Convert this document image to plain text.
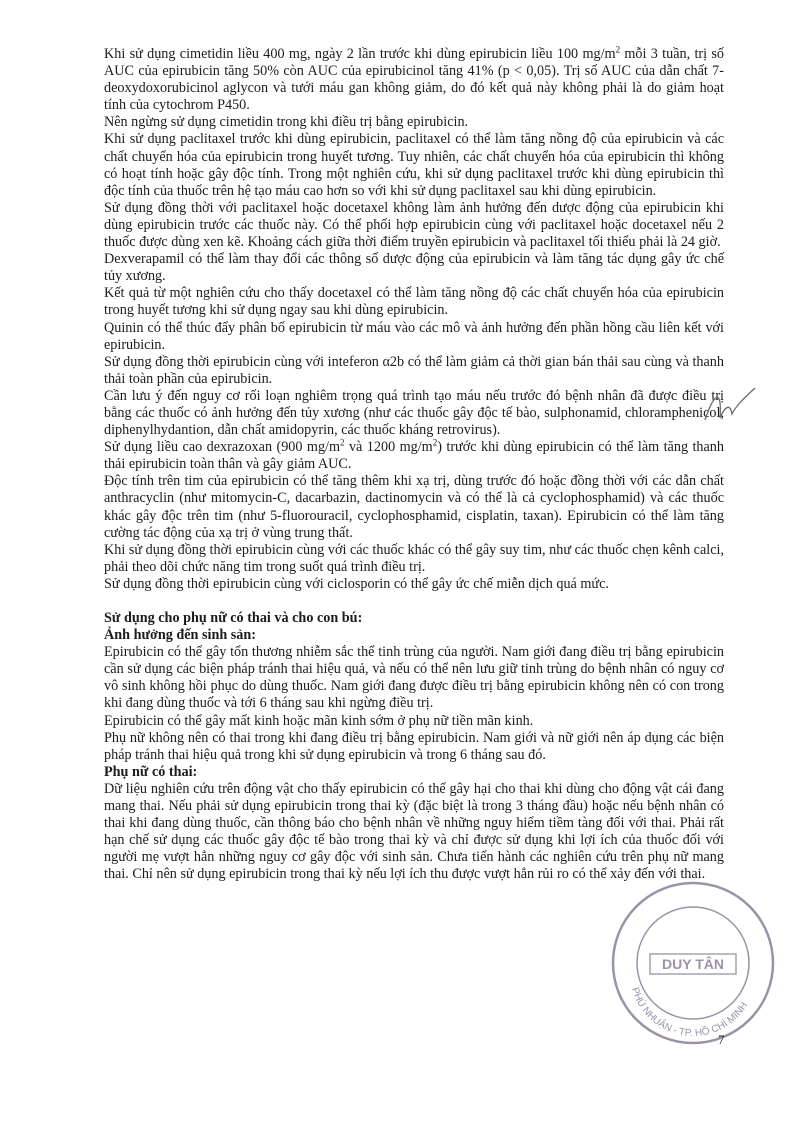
Khi sử dụng cimetidin liều 400 mg, ngày 2 lần trước khi dùng epirubicin liều 100 $mg/m^2$ mỗi 3 tuần, trị số AUC của epirubicin tăng 50% còn AUC của epirubicinol tăng 41% (p < 0,05). Trị số AUC của dẫn chất 7-deoxydoxorubicinol aglycon và tưới máu gan không giảm, do đó kết quả này không phải là do giảm hoạt tính của cytochrom P450.

Nên ngừng sử dụng cimetidin trong khi điều trị bằng epirubicin.

Khi sử dụng paclitaxel trước khi dùng epirubicin, paclitaxel có thể làm tăng nồng độ của epirubicin và các chất chuyển hóa của epirubicin trong huyết tương. Tuy nhiên, các chất chuyển hóa của epirubicin thì không có hoạt tính hoặc gây độc tính. Trong một nghiên cứu, khi sử dụng paclitaxel trước khi dùng epirubicin thì độc tính của thuốc trên hệ tạo máu cao hơn so với khi sử dụng paclitaxel sau khi dùng epirubicin.

Sử dụng đồng thời với paclitaxel hoặc docetaxel không làm ảnh hưởng đến dược động của epirubicin khi dùng epirubicin trước các thuốc này. Có thể phối hợp epirubicin cùng với paclitaxel hoặc docetaxel nếu 2 thuốc được dùng xen kẽ. Khoảng cách giữa thời điểm truyền epirubicin và paclitaxel tối thiểu phải là 24 giờ.

Dexverapamil có thể làm thay đổi các thông số dược động của epirubicin và làm tăng tác dụng gây ức chế tủy xương.

Kết quả từ một nghiên cứu cho thấy docetaxel có thể làm tăng nồng độ các chất chuyển hóa của epirubicin trong huyết tương khi sử dụng ngay sau khi dùng epirubicin.

Quinin có thể thúc đẩy phân bố epirubicin từ máu vào các mô và ảnh hưởng đến phần hồng cầu liên kết với epirubicin.

Sử dụng đồng thời epirubicin cùng với inteferon α2b có thể làm giảm cả thời gian bán thải sau cùng và thanh thải toàn phần của epirubicin.

Cần lưu ý đến nguy cơ rối loạn nghiêm trọng quá trình tạo máu nếu trước đó bệnh nhân đã được điều trị bằng các thuốc có ảnh hưởng đến tủy xương (như các thuốc gây độc tế bào, sulphonamid, chloramphenicol, diphenylhydantion, dẫn chất amidopyrin, các thuốc kháng retrovirus).

Sử dụng liều cao dexrazoxan (900 $mg/m^2$ và 1200 $mg/m^2$) trước khi dùng epirubicin có thể làm tăng thanh thải epirubicin toàn thân và gây giảm AUC.

Độc tính trên tim của epirubicin có thể tăng thêm khi xạ trị, dùng trước đó hoặc đồng thời với các dẫn chất anthracyclin (như mitomycin-C, dacarbazin, dactinomycin và có thể là cả cyclophosphamid) và các thuốc khác gây độc trên tim (như 5-fluorouracil, cyclophosphamid, cisplatin, taxan). Epirubicin có thể làm tăng cường tác động của xạ trị ở vùng trung thất.

Khi sử dụng đồng thời epirubicin cùng với các thuốc khác có thể gây suy tim, như các thuốc chẹn kênh calci, phải theo dõi chức năng tim trong suốt quá trình điều trị.

Sử dụng đồng thời epirubicin cùng với ciclosporin có thể gây ức chế miễn dịch quá mức.

Sử dụng cho phụ nữ có thai và cho con bú:

Ảnh hưởng đến sinh sản:

Epirubicin có thể gây tổn thương nhiễm sắc thể tinh trùng của người. Nam giới đang điều trị bằng epirubicin cần sử dụng các biện pháp tránh thai hiệu quả, và nếu có thể nên lưu giữ tinh trùng do bệnh nhân có nguy cơ vô sinh không hồi phục do dùng thuốc. Nam giới đang được điều trị bằng epirubicin không nên có con trong khi đang dùng thuốc và tới 6 tháng sau khi ngừng điều trị.

Epirubicin có thể gây mất kinh hoặc mãn kinh sớm ở phụ nữ tiền mãn kinh.

Phụ nữ không nên có thai trong khi đang điều trị bằng epirubicin. Nam giới và nữ giới nên áp dụng các biện pháp tránh thai hiệu quả trong khi sử dụng epirubicin và trong 6 tháng sau đó.

Phụ nữ có thai:

Dữ liệu nghiên cứu trên động vật cho thấy epirubicin có thể gây hại cho thai khi dùng cho động vật cái đang mang thai. Nếu phải sử dụng epirubicin trong thai kỳ (đặc biệt là trong 3 tháng đầu) hoặc nếu bệnh nhân có thai khi đang dùng thuốc, cần thông báo cho bệnh nhân về những nguy hiểm tiềm tàng đối với thai. Phải rất hạn chế sử dụng các thuốc gây độc tế bào trong thai kỳ và chỉ được sử dụng khi lợi ích của thuốc đối với người mẹ vượt hẳn những nguy cơ gây độc với sinh sản. Chưa tiến hành các nghiên cứu trên phụ nữ mang thai. Chỉ nên sử dụng epirubicin trong thai kỳ nếu lợi ích thu được vượt hẳn rủi ro có thể xảy đến với thai.

PHÚ NHUẬN - TP. HỒ CHÍ MINH
DUY TÂN
7
